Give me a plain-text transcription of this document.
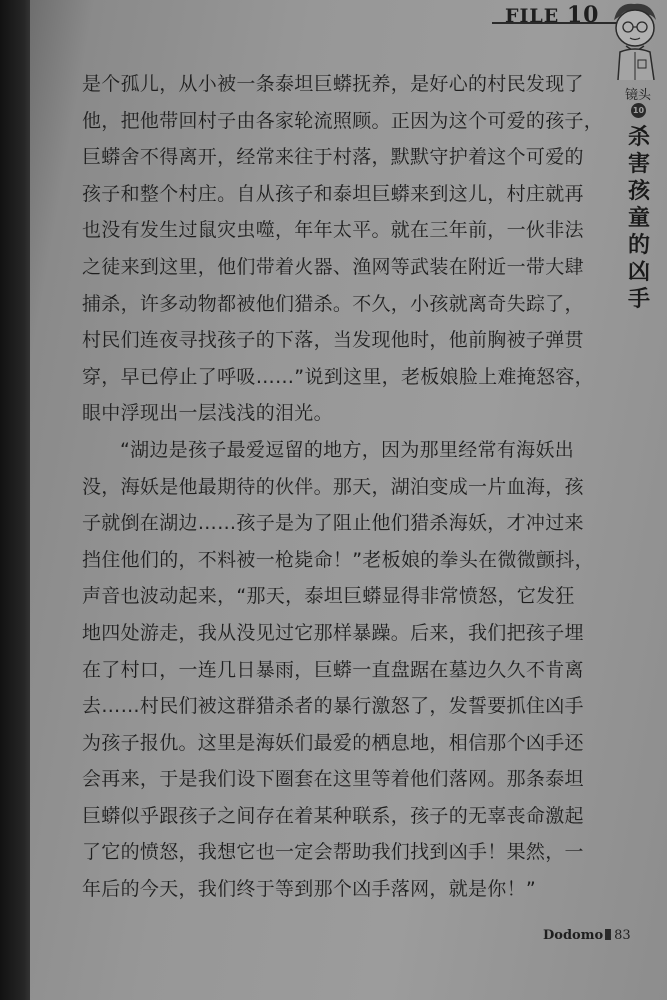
FILE 10
镜头
10
杀害孩童的凶手
是个孤儿，从小被一条泰坦巨蟒抚养，是好心的村民发现了
他，把他带回村子由各家轮流照顾。正因为这个可爱的孩子，
巨蟒舍不得离开，经常来往于村落，默默守护着这个可爱的
孩子和整个村庄。自从孩子和泰坦巨蟒来到这儿，村庄就再
也没有发生过鼠灾虫噬，年年太平。就在三年前，一伙非法
之徒来到这里，他们带着火器、渔网等武装在附近一带大肆
捕杀，许多动物都被他们猎杀。不久，小孩就离奇失踪了，
村民们连夜寻找孩子的下落，当发现他时，他前胸被子弹贯
穿，早已停止了呼吸……”说到这里，老板娘脸上难掩怒容，
眼中浮现出一层浅浅的泪光。
“湖边是孩子最爱逗留的地方，因为那里经常有海妖出
没，海妖是他最期待的伙伴。那天，湖泊变成一片血海，孩
子就倒在湖边……孩子是为了阻止他们猎杀海妖，才冲过来
挡住他们的，不料被一枪毙命！”老板娘的拳头在微微颤抖，
声音也波动起来，“那天，泰坦巨蟒显得非常愤怒，它发狂
地四处游走，我从没见过它那样暴躁。后来，我们把孩子埋
在了村口，一连几日暴雨，巨蟒一直盘踞在墓边久久不肯离
去……村民们被这群猎杀者的暴行激怒了，发誓要抓住凶手
为孩子报仇。这里是海妖们最爱的栖息地，相信那个凶手还
会再来，于是我们设下圈套在这里等着他们落网。那条泰坦
巨蟒似乎跟孩子之间存在着某种联系，孩子的无辜丧命激起
了它的愤怒，我想它也一定会帮助我们找到凶手！果然，一
年后的今天，我们终于等到那个凶手落网，就是你！”
Dodomo 83
